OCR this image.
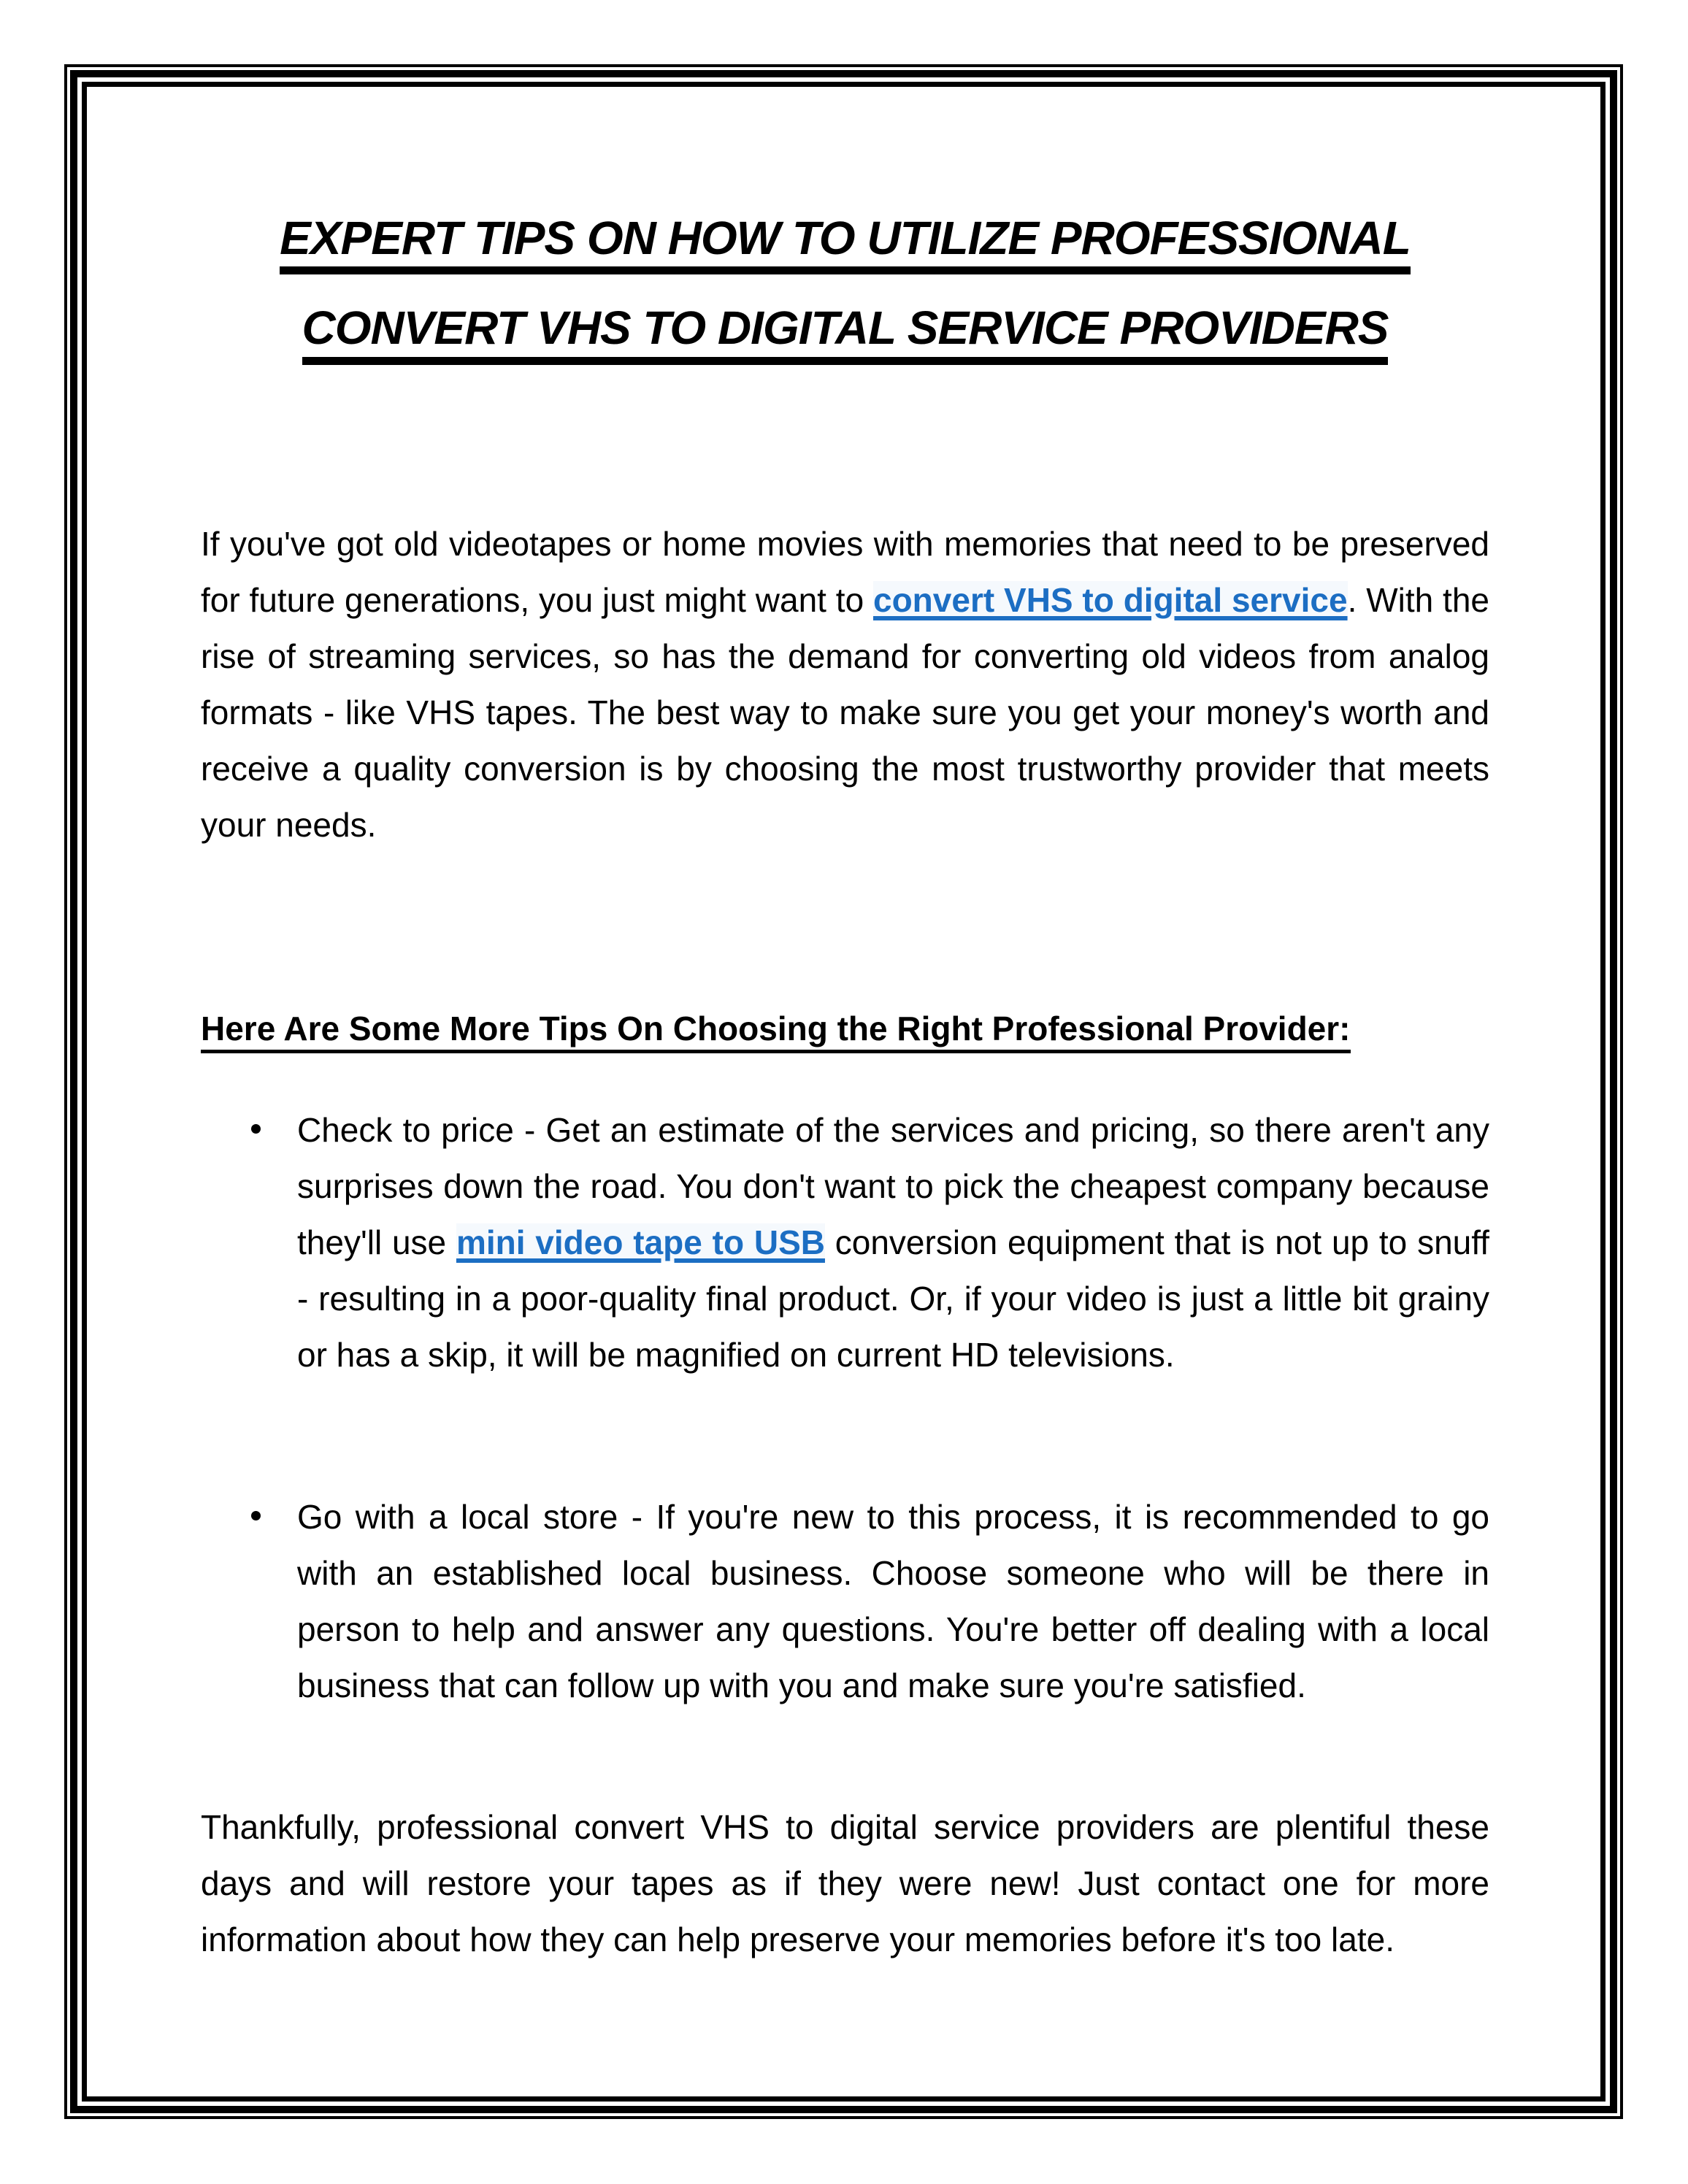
EXPERT TIPS ON HOW TO UTILIZE PROFESSIONAL
CONVERT VHS TO DIGITAL SERVICE PROVIDERS

If you've got old videotapes or home movies with memories that need to be preserved for future generations, you just might want to convert VHS to digital service. With the rise of streaming services, so has the demand for converting old videos from analog formats - like VHS tapes. The best way to make sure you get your money's worth and receive a quality conversion is by choosing the most trustworthy provider that meets your needs.

Here Are Some More Tips On Choosing the Right Professional Provider:
Check to price - Get an estimate of the services and pricing, so there aren't any surprises down the road. You don't want to pick the cheapest company because they'll use mini video tape to USB conversion equipment that is not up to snuff - resulting in a poor-quality final product. Or, if your video is just a little bit grainy or has a skip, it will be magnified on current HD televisions.
Go with a local store - If you're new to this process, it is recommended to go with an established local business. Choose someone who will be there in person to help and answer any questions. You're better off dealing with a local business that can follow up with you and make sure you're satisfied.

Thankfully, professional convert VHS to digital service providers are plentiful these days and will restore your tapes as if they were new! Just contact one for more information about how they can help preserve your memories before it's too late.
